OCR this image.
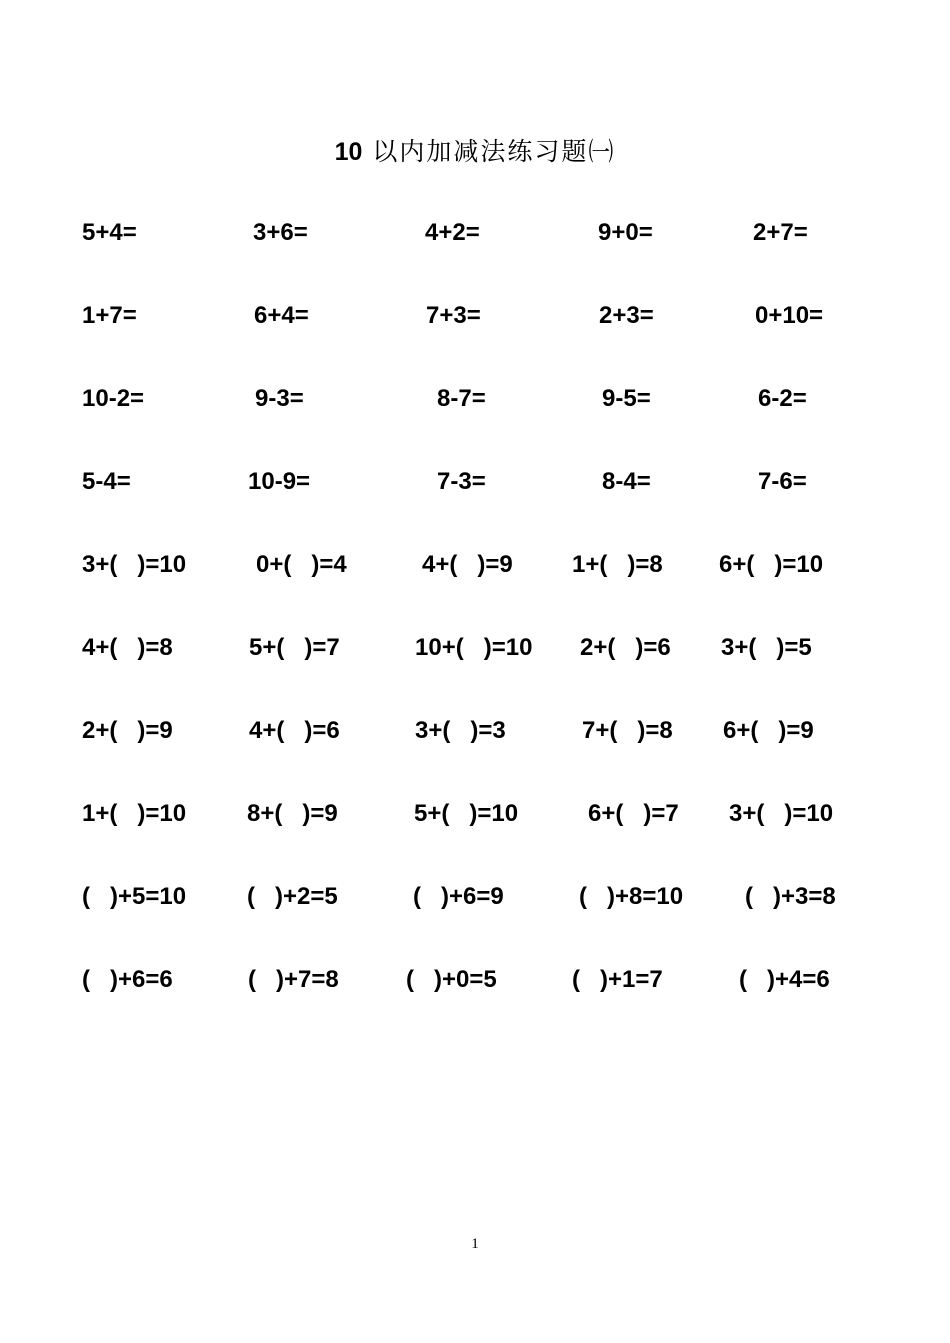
10 以内加减法练习题㈠
5+4=	3+6=	4+2=	9+0=	2+7=
1+7=	6+4=	7+3=	2+3=	0+10=
10-2=	9-3=	8-7=	9-5=	6-2=
5-4=	10-9=	7-3=	8-4=	7-6=
3+(   )=10	0+(   )=4	4+(   )=9 1+(   )=8 6+(   )=10
4+(   )=8	5+(   )=7	10+(   )=10 2+(   )=6 3+(   )=5
2+(   )=9	4+(   )=6	3+(   )=3	7+(   )=8 6+(   )=9
1+(   )=10	8+(   )=9	5+(   )=10	6+(   )=7 3+(   )=10
(   )+5=10	(   )+2=5	(   )+6=9	(   )+8=10	(   )+3=8
(   )+6=6	(   )+7=8	(   )+0=5	(   )+1=7	(   )+4=6
1
